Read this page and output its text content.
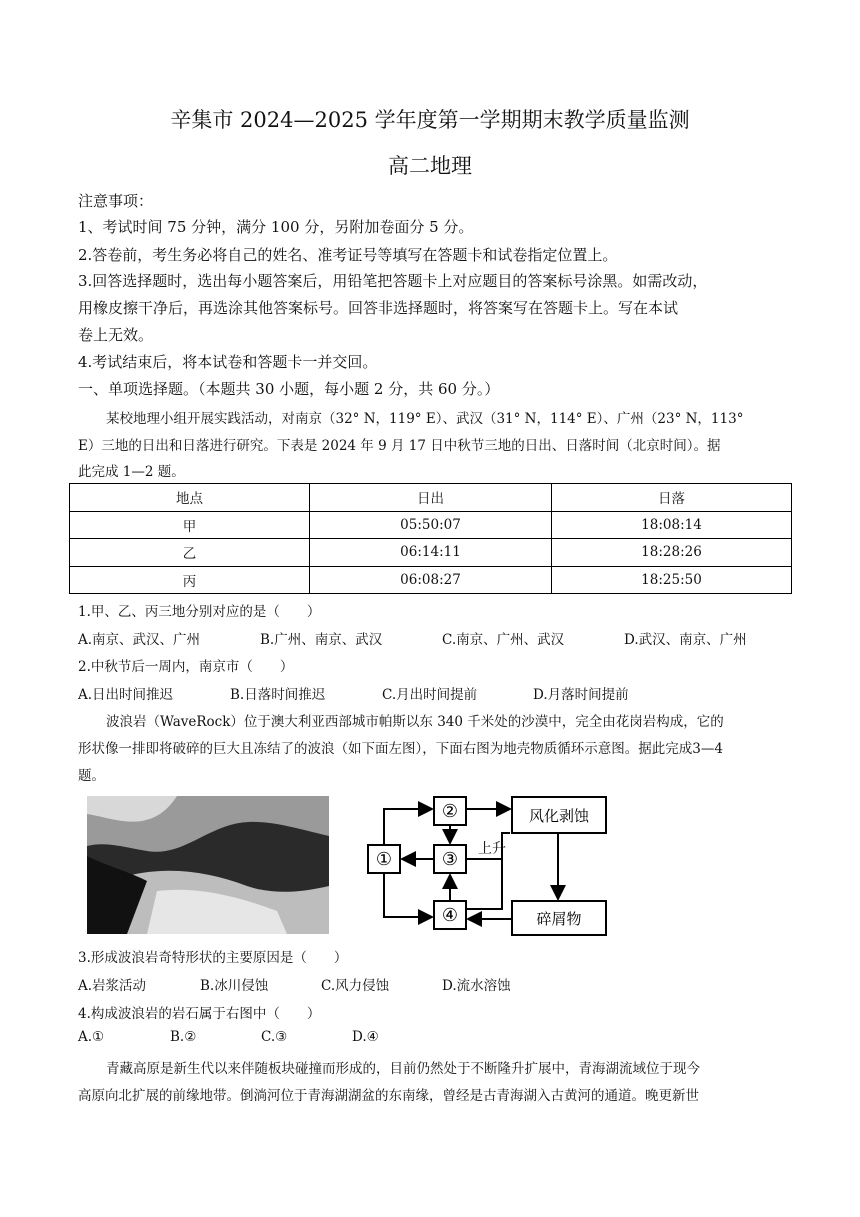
辛集市 2024—2025 学年度第一学期期末教学质量监测
高二地理
注意事项：
1、考试时间 75 分钟，满分 100 分，另附加卷面分 5 分。
2.答卷前，考生务必将自己的姓名、准考证号等填写在答题卡和试卷指定位置上。
3.回答选择题时，选出每小题答案后，用铅笔把答题卡上对应题目的答案标号涂黑。如需改动，
用橡皮擦干净后，再选涂其他答案标号。回答非选择题时，将答案写在答题卡上。写在本试
卷上无效。
4.考试结束后，将本试卷和答题卡一并交回。
一、单项选择题。（本题共 30 小题，每小题 2 分，共 60 分。）
某校地理小组开展实践活动，对南京（32° N，119° E）、武汉（31° N，114° E）、广州（23° N，113°
E）三地的日出和日落进行研究。下表是 2024 年 9 月 17 日中秋节三地的日出、日落时间（北京时间）。据
此完成 1—2 题。
地点	日出	日落
甲	05:50:07	18:08:14
乙	06:14:11	18:28:26
丙	06:08:27	18:25:50
1.甲、乙、丙三地分别对应的是（　　）
A.南京、武汉、广州	B.广州、南京、武汉	C.南京、广州、武汉	D.武汉、南京、广州
2.中秋节后一周内，南京市（　　）
A.日出时间推迟	B.日落时间推迟	C.月出时间提前	D.月落时间提前
波浪岩（WaveRock）位于澳大利亚西部城市帕斯以东 340 千米处的沙漠中，完全由花岗岩构成，它的
形状像一排即将破碎的巨大且冻结了的波浪（如下面左图），下面右图为地壳物质循环示意图。据此完成3—4
题。
②
①	③
④
风化剥蚀
上升
碎屑物
3.形成波浪岩奇特形状的主要原因是（　　）
A.岩浆活动	B.冰川侵蚀	C.风力侵蚀	D.流水溶蚀
4.构成波浪岩的岩石属于右图中（　　）
A.①	B.②	C.③	D.④
青藏高原是新生代以来伴随板块碰撞而形成的，目前仍然处于不断隆升扩展中，青海湖流域位于现今
高原向北扩展的前缘地带。倒淌河位于青海湖湖盆的东南缘，曾经是古青海湖入古黄河的通道。晚更新世
